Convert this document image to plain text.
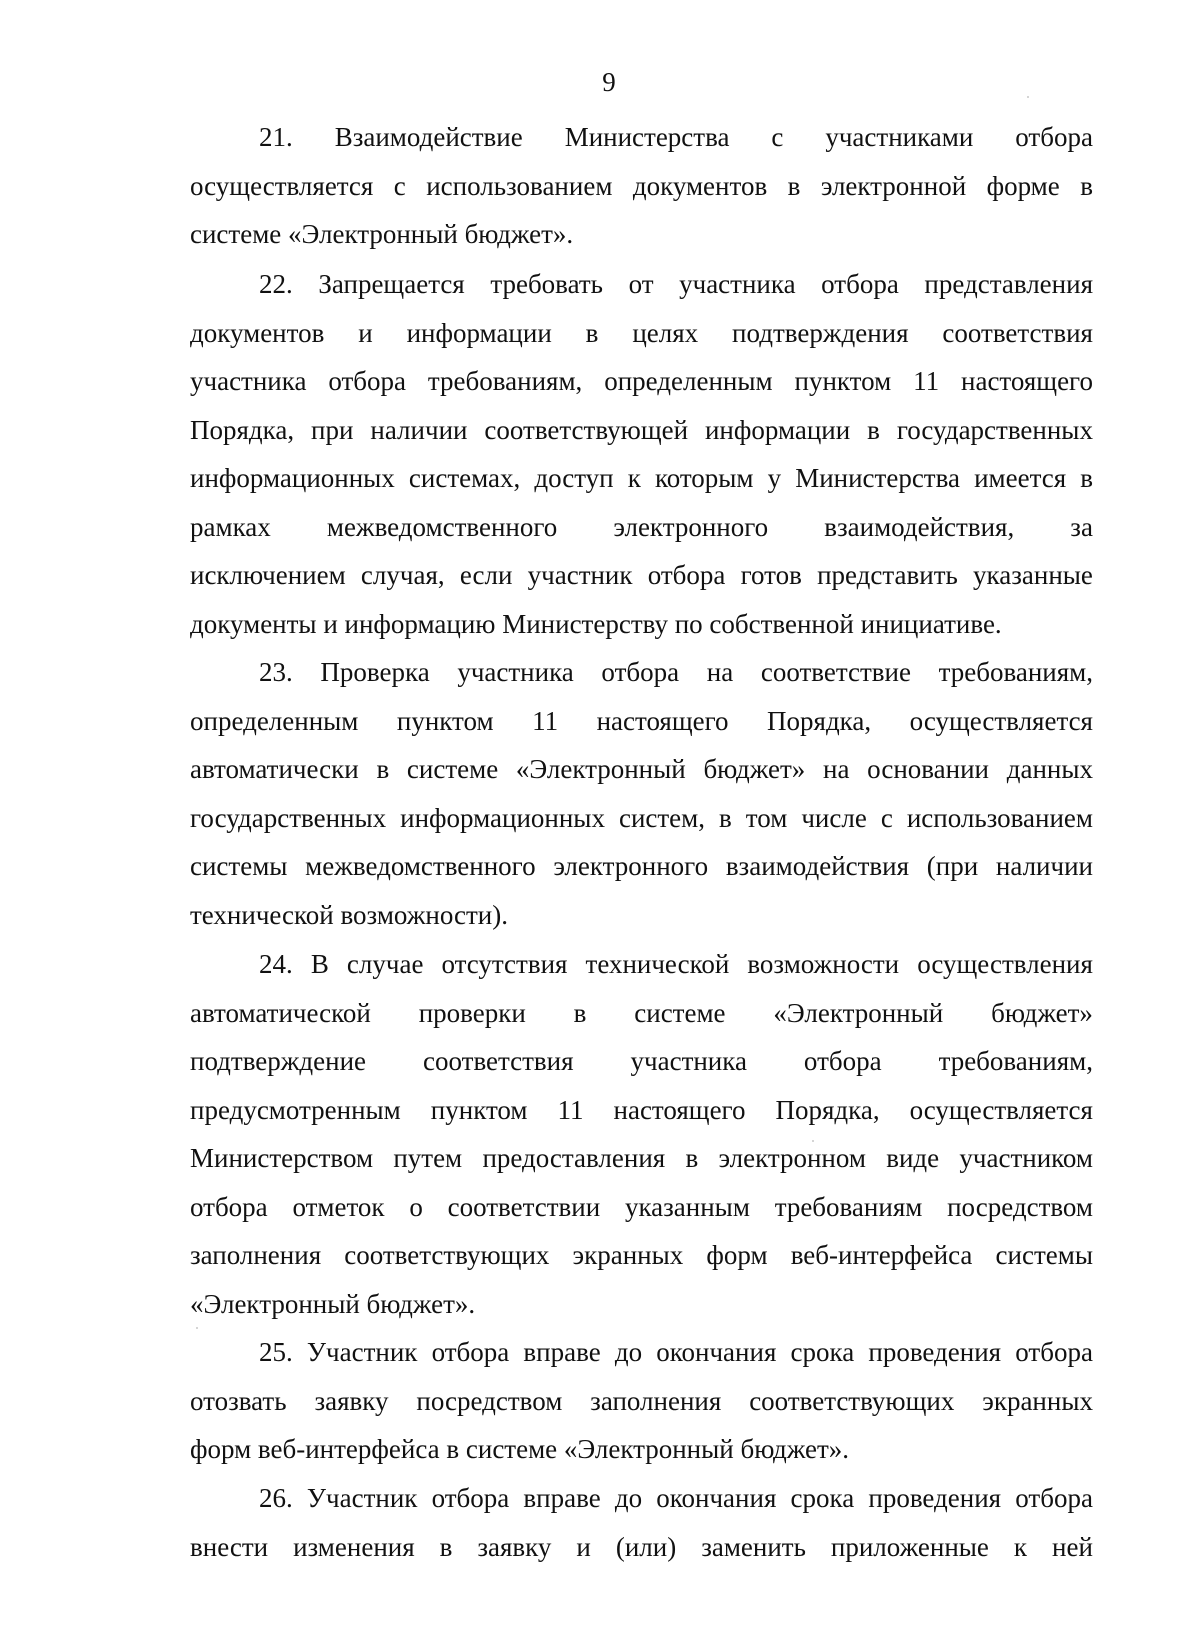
9
21. Взаимодействие Министерства с участниками отбора
осуществляется с использованием документов в электронной форме в
системе «Электронный бюджет».
22. Запрещается требовать от участника отбора представления
документов и информации в целях подтверждения соответствия
участника отбора требованиям, определенным пунктом 11 настоящего
Порядка, при наличии соответствующей информации в государственных
информационных системах, доступ к которым у Министерства имеется в
рамках межведомственного электронного взаимодействия, за
исключением случая, если участник отбора готов представить указанные
документы и информацию Министерству по собственной инициативе.
23. Проверка участника отбора на соответствие требованиям,
определенным пунктом 11 настоящего Порядка, осуществляется
автоматически в системе «Электронный бюджет» на основании данных
государственных информационных систем, в том числе с использованием
системы межведомственного электронного взаимодействия (при наличии
технической возможности).
24. В случае отсутствия технической возможности осуществления
автоматической проверки в системе «Электронный бюджет»
подтверждение соответствия участника отбора требованиям,
предусмотренным пунктом 11 настоящего Порядка, осуществляется
Министерством путем предоставления в электронном виде участником
отбора отметок о соответствии указанным требованиям посредством
заполнения соответствующих экранных форм веб-интерфейса системы
«Электронный бюджет».
25. Участник отбора вправе до окончания срока проведения отбора
отозвать заявку посредством заполнения соответствующих экранных
форм веб-интерфейса в системе «Электронный бюджет».
26. Участник отбора вправе до окончания срока проведения отбора
внести изменения в заявку и (или) заменить приложенные к ней
